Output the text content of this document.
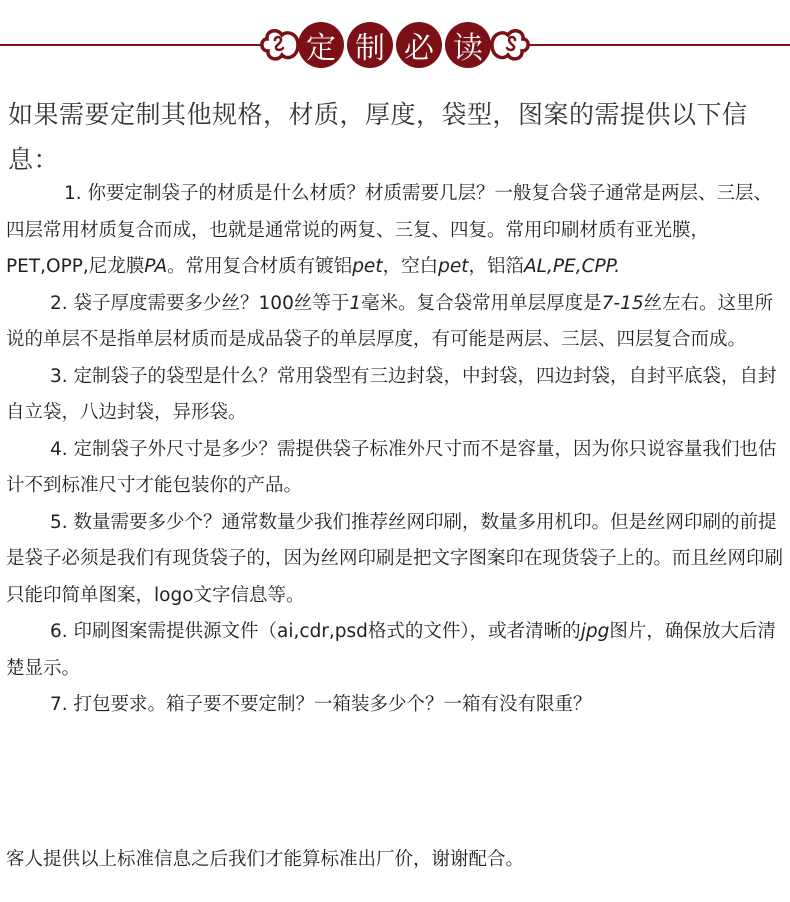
定 制 必 读
如果需要定制其他规格，材质，厚度，袋型，图案的需提供以下信息：

1. 你要定制袋子的材质是什么材质？材质需要几层？一般复合袋子通常是两层、三层、四层常用材质复合而成，也就是通常说的两复、三复、四复。常用印刷材质有亚光膜，PET,OPP,尼龙膜PA。常用复合材质有镀铝pet，空白pet，铝箔AL,PE,CPP.

2. 袋子厚度需要多少丝？100丝等于1毫米。复合袋常用单层厚度是7-15丝左右。这里所说的单层不是指单层材质而是成品袋子的单层厚度，有可能是两层、三层、四层复合而成。

3. 定制袋子的袋型是什么？常用袋型有三边封袋，中封袋，四边封袋，自封平底袋，自封自立袋，八边封袋，异形袋。

4. 定制袋子外尺寸是多少？需提供袋子标准外尺寸而不是容量，因为你只说容量我们也估计不到标准尺寸才能包装你的产品。

5. 数量需要多少个？通常数量少我们推荐丝网印刷，数量多用机印。但是丝网印刷的前提是袋子必须是我们有现货袋子的，因为丝网印刷是把文字图案印在现货袋子上的。而且丝网印刷只能印简单图案，logo文字信息等。

6. 印刷图案需提供源文件（ai,cdr,psd格式的文件），或者清晰的jpg图片，确保放大后清楚显示。

7. 打包要求。箱子要不要定制？一箱装多少个？一箱有没有限重？

客人提供以上标准信息之后我们才能算标准出厂价，谢谢配合。
